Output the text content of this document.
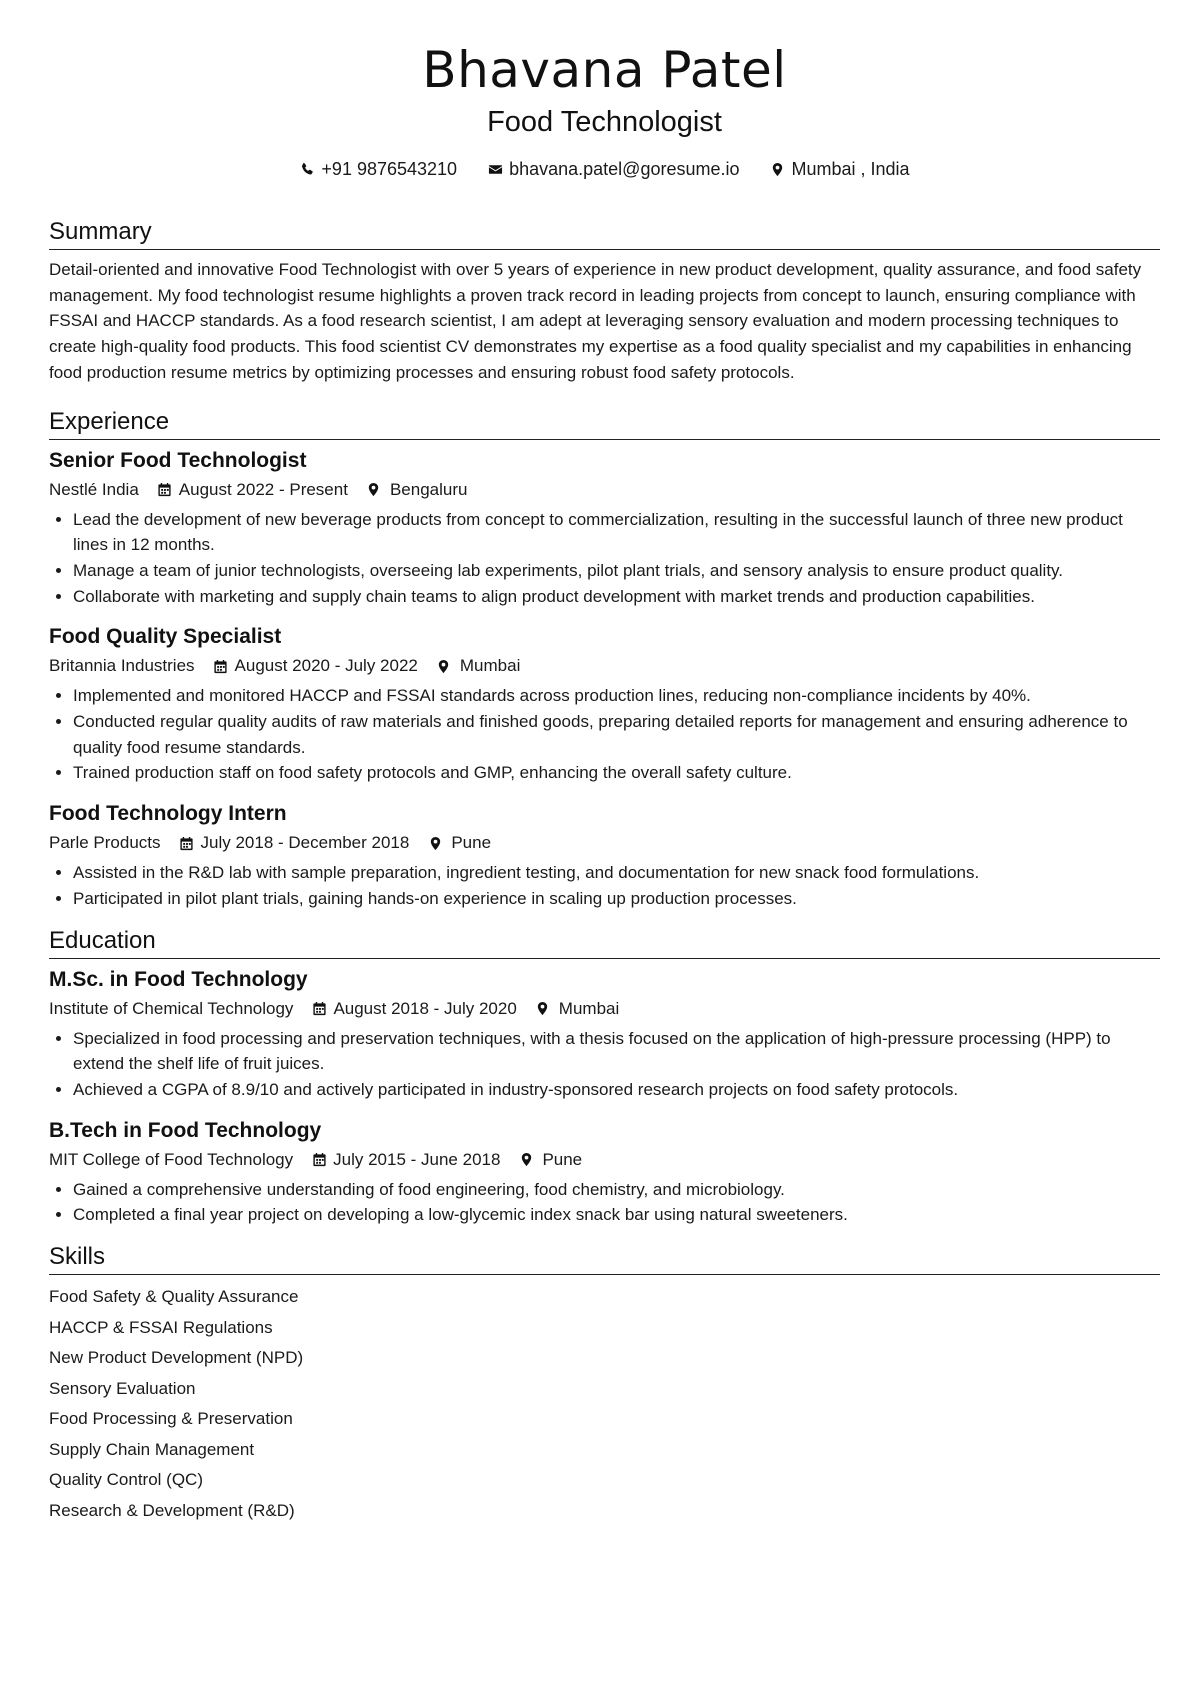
Bhavana Patel
Food Technologist
+91 9876543210	bhavana.patel@goresume.io	Mumbai , India
Summary

Detail-oriented and innovative Food Technologist with over 5 years of experience in new product development, quality assurance, and food safety management. My food technologist resume highlights a proven track record in leading projects from concept to launch, ensuring compliance with FSSAI and HACCP standards. As a food research scientist, I am adept at leveraging sensory evaluation and modern processing techniques to create high-quality food products. This food scientist CV demonstrates my expertise as a food quality specialist and my capabilities in enhancing food production resume metrics by optimizing processes and ensuring robust food safety protocols.

Experience
Senior Food Technologist
Nestlé India August 2022 - Present Bengaluru
• Lead the development of new beverage products from concept to commercialization, resulting in the successful launch of three new product lines in 12 months.
• Manage a team of junior technologists, overseeing lab experiments, pilot plant trials, and sensory analysis to ensure product quality.
• Collaborate with marketing and supply chain teams to align product development with market trends and production capabilities.
Food Quality Specialist
Britannia Industries August 2020 - July 2022 Mumbai
• Implemented and monitored HACCP and FSSAI standards across production lines, reducing non-compliance incidents by 40%.
• Conducted regular quality audits of raw materials and finished goods, preparing detailed reports for management and ensuring adherence to quality food resume standards.
• Trained production staff on food safety protocols and GMP, enhancing the overall safety culture.
Food Technology Intern
Parle Products July 2018 - December 2018 Pune
• Assisted in the R&D lab with sample preparation, ingredient testing, and documentation for new snack food formulations.
• Participated in pilot plant trials, gaining hands-on experience in scaling up production processes.
Education
M.Sc. in Food Technology
Institute of Chemical Technology August 2018 - July 2020 Mumbai
• Specialized in food processing and preservation techniques, with a thesis focused on the application of high-pressure processing (HPP) to extend the shelf life of fruit juices.
• Achieved a CGPA of 8.9/10 and actively participated in industry-sponsored research projects on food safety protocols.
B.Tech in Food Technology
MIT College of Food Technology July 2015 - June 2018 Pune
• Gained a comprehensive understanding of food engineering, food chemistry, and microbiology.
• Completed a final year project on developing a low-glycemic index snack bar using natural sweeteners.
Skills
Food Safety & Quality Assurance
HACCP & FSSAI Regulations
New Product Development (NPD)
Sensory Evaluation
Food Processing & Preservation
Supply Chain Management
Quality Control (QC)
Research & Development (R&D)
